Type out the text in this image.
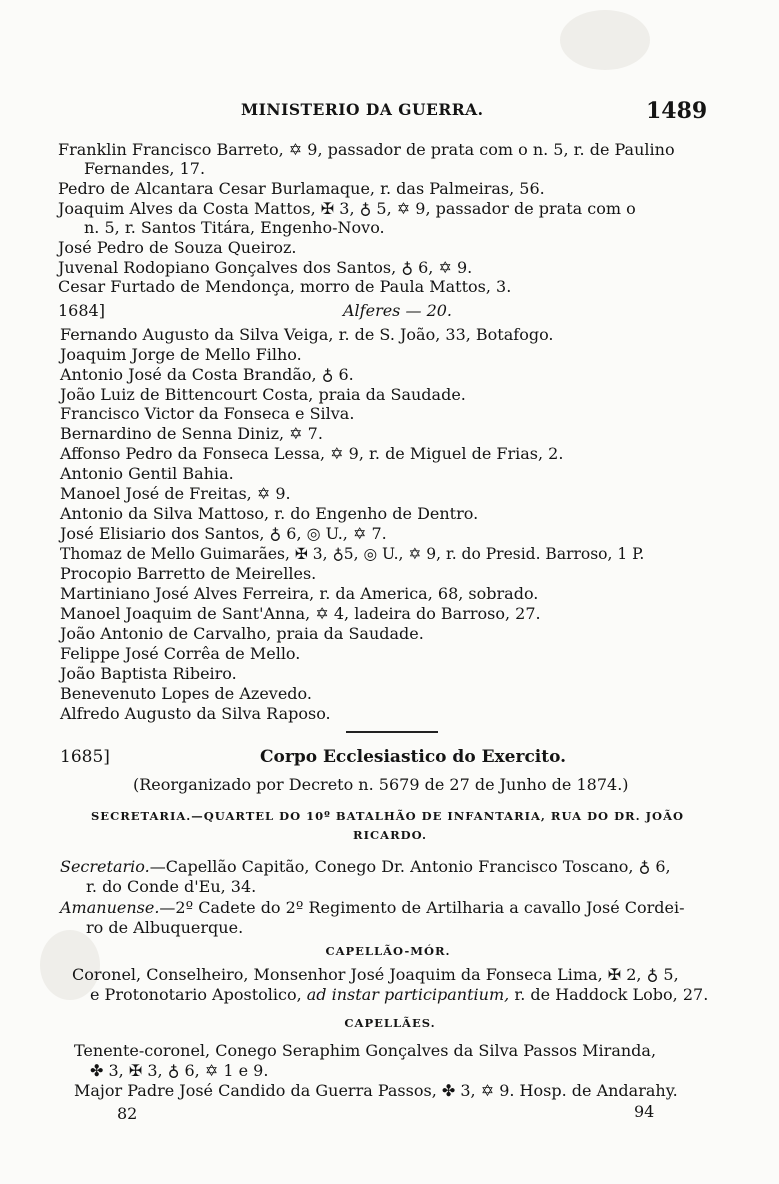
MINISTERIO DA GUERRA.	1489
Franklin Francisco Barreto, ✡ 9, passador de prata com o n. 5, r. de Paulino
Fernandes, 17.
Pedro de Alcantara Cesar Burlamaque, r. das Palmeiras, 56.
Joaquim Alves da Costa Mattos, ✠ 3, ♁ 5, ✡ 9, passador de prata com o
n. 5, r. Santos Titára, Engenho-Novo.
José Pedro de Souza Queiroz.
Juvenal Rodopiano Gonçalves dos Santos, ♁ 6, ✡ 9.
Cesar Furtado de Mendonça, morro de Paula Mattos, 3.
1684]	Alferes — 20.
Fernando Augusto da Silva Veiga, r. de S. João, 33, Botafogo.
Joaquim Jorge de Mello Filho.
Antonio José da Costa Brandão, ♁ 6.
João Luiz de Bittencourt Costa, praia da Saudade.
Francisco Victor da Fonseca e Silva.
Bernardino de Senna Diniz, ✡ 7.
Affonso Pedro da Fonseca Lessa, ✡ 9, r. de Miguel de Frias, 2.
Antonio Gentil Bahia.
Manoel José de Freitas, ✡ 9.
Antonio da Silva Mattoso, r. do Engenho de Dentro.
José Elisiario dos Santos, ♁ 6, ◎ U., ✡ 7.
Thomaz de Mello Guimarães, ✠ 3, ♁5, ◎ U., ✡ 9, r. do Presid. Barroso, 1 P.
Procopio Barretto de Meirelles.
Martiniano José Alves Ferreira, r. da America, 68, sobrado.
Manoel Joaquim de Sant'Anna, ✡ 4, ladeira do Barroso, 27.
João Antonio de Carvalho, praia da Saudade.
Felippe José Corrêa de Mello.
João Baptista Ribeiro.
Benevenuto Lopes de Azevedo.
Alfredo Augusto da Silva Raposo.
1685]	Corpo Ecclesiastico do Exercito.
(Reorganizado por Decreto n. 5679 de 27 de Junho de 1874.)
SECRETARIA.—QUARTEL DO 10º BATALHÃO DE INFANTARIA, RUA DO DR. JOÃO
RICARDO.
Secretario.—Capellão Capitão, Conego Dr. Antonio Francisco Toscano, ♁ 6,
r. do Conde d'Eu, 34.
Amanuense.—2º Cadete do 2º Regimento de Artilharia a cavallo José Cordei-
ro de Albuquerque.
CAPELLÃO-MÓR.
Coronel, Conselheiro, Monsenhor José Joaquim da Fonseca Lima, ✠ 2, ♁ 5,
e Protonotario Apostolico, ad instar participantium, r. de Haddock Lobo, 27.
CAPELLÃES.
Tenente-coronel, Conego Seraphim Gonçalves da Silva Passos Miranda,
✤ 3, ✠ 3, ♁ 6, ✡ 1 e 9.
Major Padre José Candido da Guerra Passos, ✤ 3, ✡ 9. Hosp. de Andarahy.
82	94
